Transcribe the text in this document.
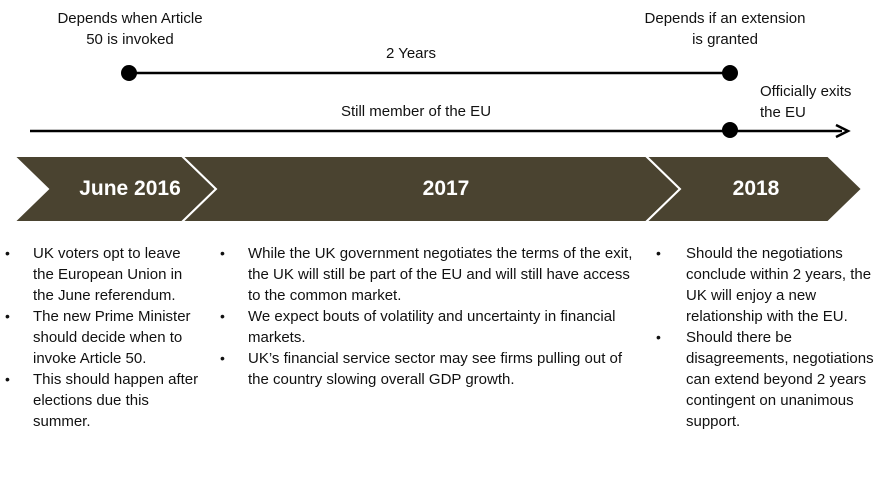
Depends when Article
50 is invoked
Depends if an extension
is granted
2 Years
Still member of the EU
Officially exits
the EU
June 2016	2017	2018
• UK voters opt to leave the European Union in the June referendum.
• The new Prime Minister should decide when to invoke Article 50.
• This should happen after elections due this summer.
• While the UK government negotiates the terms of the exit, the UK will still be part of the EU and will still have access to the common market.
• We expect bouts of volatility and uncertainty in financial markets.
• UK’s financial service sector may see firms pulling out of the country slowing overall GDP growth.
• Should the negotiations conclude within 2 years, the UK will enjoy a new relationship with the EU.
• Should there be disagreements, negotiations can extend beyond 2 years contingent on unanimous support.
